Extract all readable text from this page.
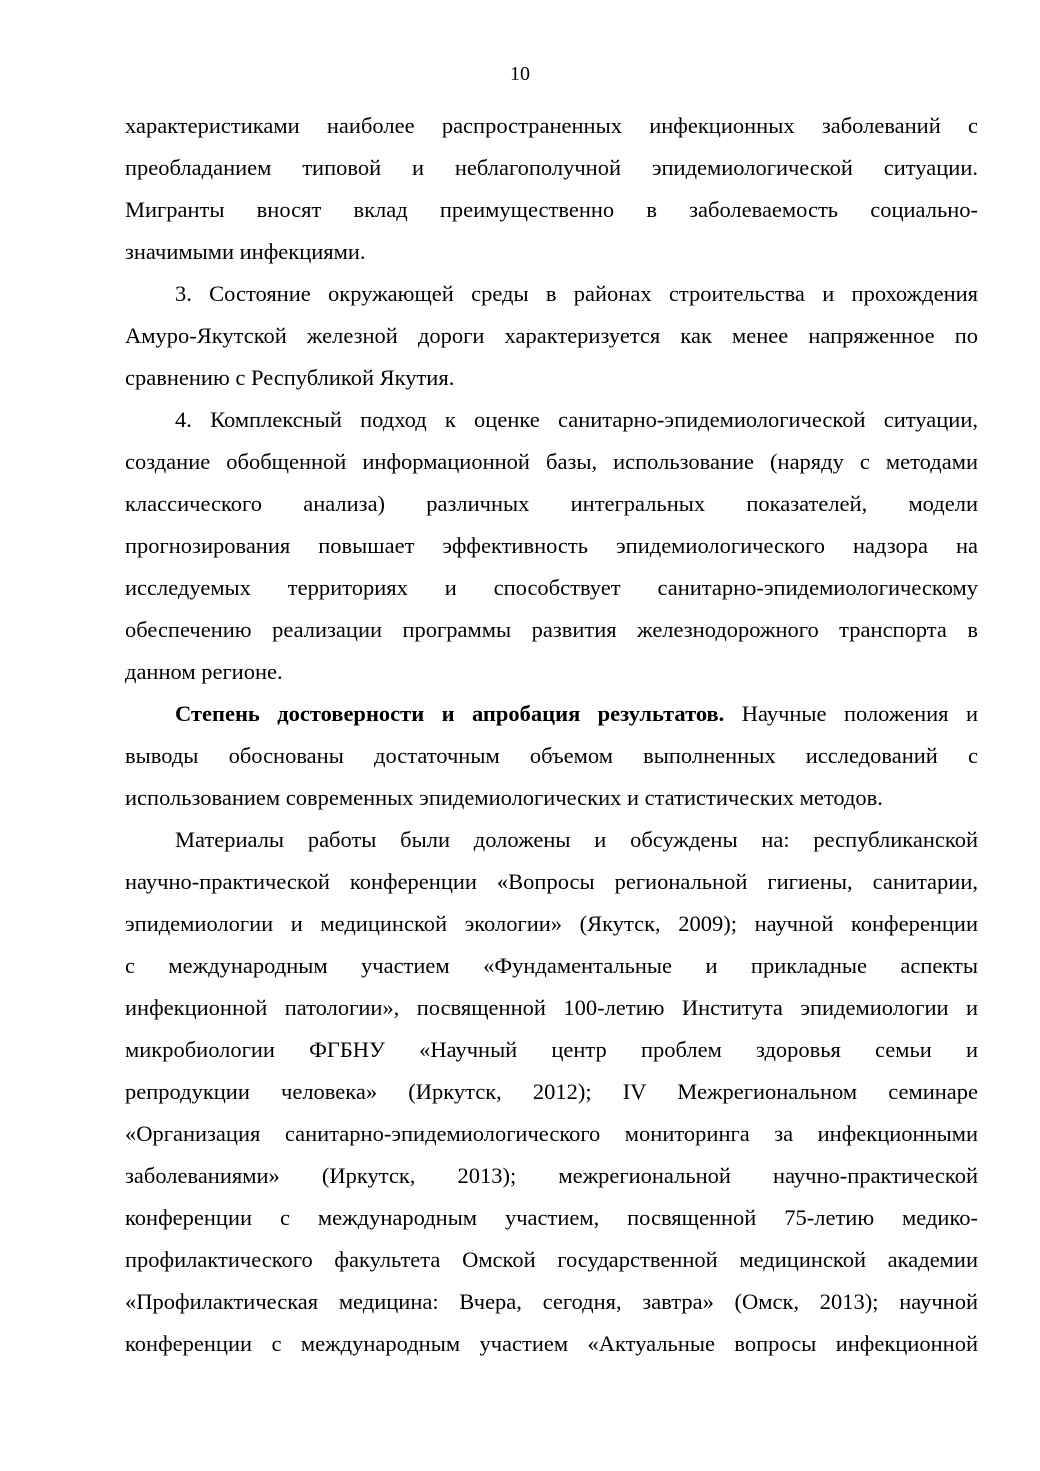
10
характеристиками наиболее распространенных инфекционных заболеваний с
преобладанием типовой и неблагополучной эпидемиологической ситуации.
Мигранты вносят вклад преимущественно в заболеваемость социально-
значимыми инфекциями.
3. Состояние окружающей среды в районах строительства и прохождения
Амуро-Якутской железной дороги характеризуется как менее напряженное по
сравнению с Республикой Якутия.
4. Комплексный подход к оценке санитарно-эпидемиологической ситуации,
создание обобщенной информационной базы, использование (наряду с методами
классического анализа) различных интегральных показателей, модели
прогнозирования повышает эффективность эпидемиологического надзора на
исследуемых территориях и способствует санитарно-эпидемиологическому
обеспечению реализации программы развития железнодорожного транспорта в
данном регионе.
Степень достоверности и апробация результатов. Научные положения и
выводы обоснованы достаточным объемом выполненных исследований с
использованием современных эпидемиологических и статистических методов.
Материалы работы были доложены и обсуждены на: республиканской
научно-практической конференции «Вопросы региональной гигиены, санитарии,
эпидемиологии и медицинской экологии» (Якутск, 2009); научной конференции
с международным участием «Фундаментальные и прикладные аспекты
инфекционной патологии», посвященной 100-летию Института эпидемиологии и
микробиологии ФГБНУ «Научный центр проблем здоровья семьи и
репродукции человека» (Иркутск, 2012); IV Межрегиональном семинаре
«Организация санитарно-эпидемиологического мониторинга за инфекционными
заболеваниями» (Иркутск, 2013); межрегиональной научно-практической
конференции с международным участием, посвященной 75-летию медико-
профилактического факультета Омской государственной медицинской академии
«Профилактическая медицина: Вчера, сегодня, завтра» (Омск, 2013); научной
конференции с международным участием «Актуальные вопросы инфекционной
